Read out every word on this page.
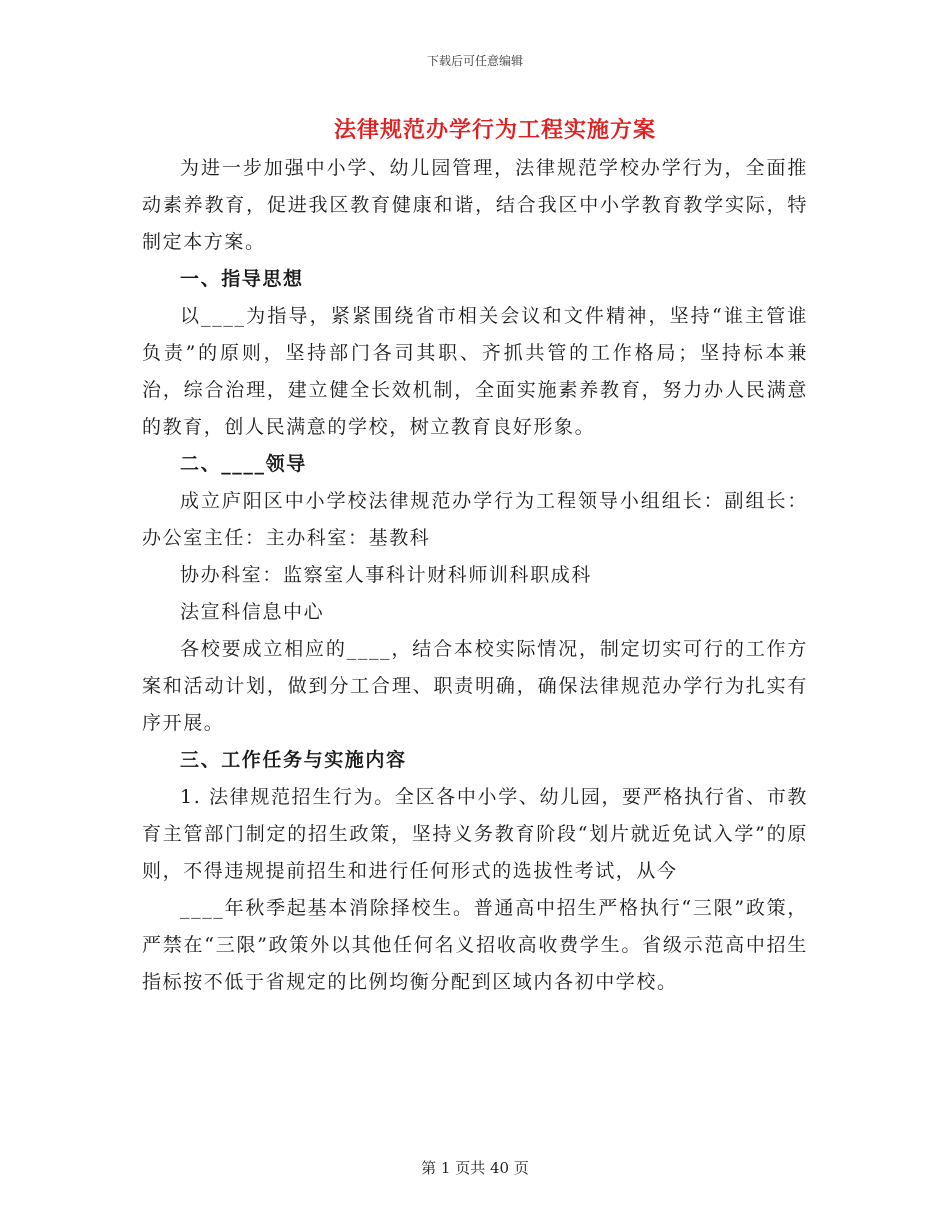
下载后可任意编辑
法律规范办学行为工程实施方案

为进一步加强中小学、幼儿园管理，法律规范学校办学行为，全面推动素养教育，促进我区教育健康和谐，结合我区中小学教育教学实际，特制定本方案。

一、指导思想

以____为指导，紧紧围绕省市相关会议和文件精神，坚持“谁主管谁负责”的原则，坚持部门各司其职、齐抓共管的工作格局；坚持标本兼治，综合治理，建立健全长效机制，全面实施素养教育，努力办人民满意的教育，创人民满意的学校，树立教育良好形象。

二、____领导

成立庐阳区中小学校法律规范办学行为工程领导小组组长：副组长：办公室主任：主办科室：基教科

协办科室：监察室人事科计财科师训科职成科

法宣科信息中心

各校要成立相应的____，结合本校实际情况，制定切实可行的工作方案和活动计划，做到分工合理、职责明确，确保法律规范办学行为扎实有序开展。

三、工作任务与实施内容

1. 法律规范招生行为。全区各中小学、幼儿园，要严格执行省、市教育主管部门制定的招生政策，坚持义务教育阶段“划片就近免试入学”的原则，不得违规提前招生和进行任何形式的选拔性考试，从今

____年秋季起基本消除择校生。普通高中招生严格执行“三限”政策，严禁在“三限”政策外以其他任何名义招收高收费学生。省级示范高中招生指标按不低于省规定的比例均衡分配到区域内各初中学校。

第 1 页共 40 页
